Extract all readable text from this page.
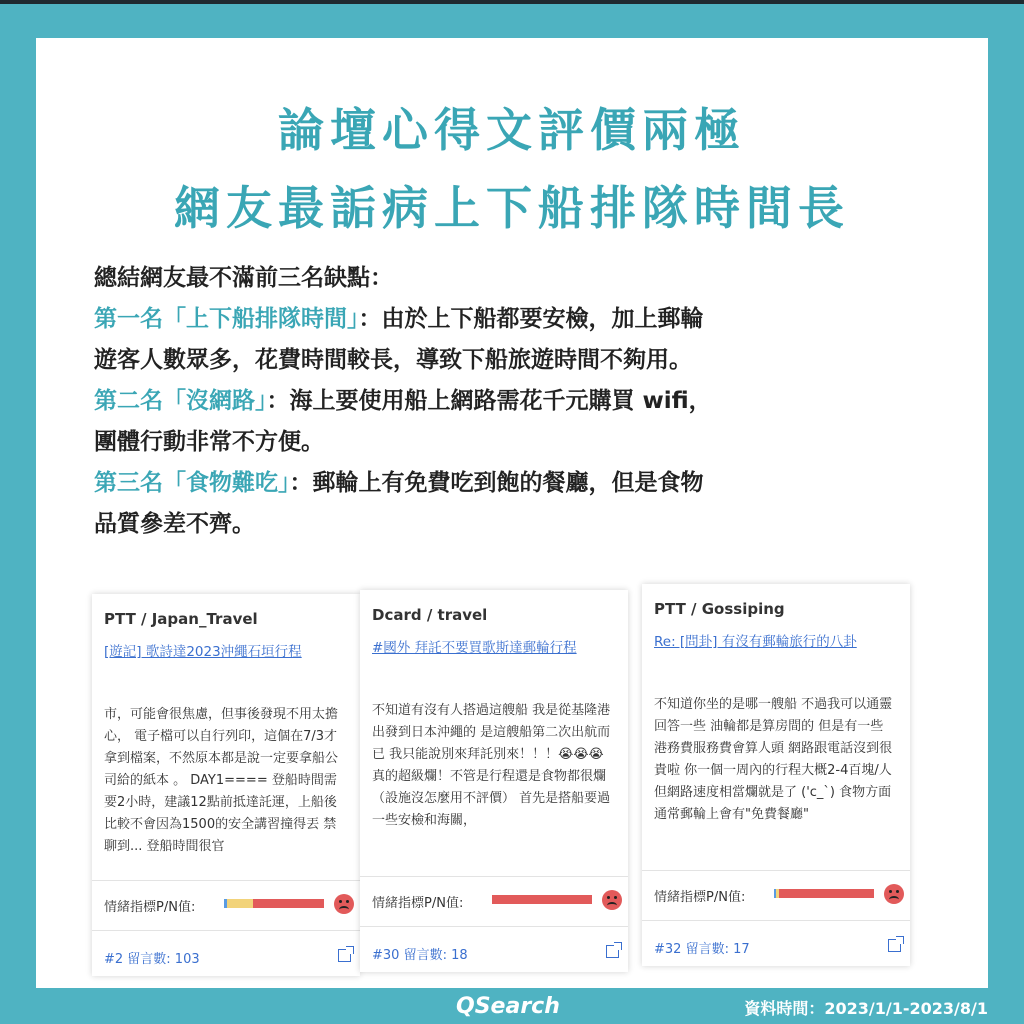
論壇心得文評價兩極
網友最詬病上下船排隊時間長
總結網友最不滿前三名缺點：
第一名「上下船排隊時間」：由於上下船都要安檢，加上郵輪
遊客人數眾多，花費時間較長，導致下船旅遊時間不夠用。
第二名「沒網路」：海上要使用船上網路需花千元購買 wifi，
團體行動非常不方便。
第三名「食物難吃」：郵輪上有免費吃到飽的餐廳，但是食物
品質參差不齊。
PTT / Japan_Travel
[遊記] 歌詩達2023沖繩石垣行程
市，可能會很焦慮，但事後發現不用太擔心， 電子檔可以自行列印，這個在7/3才拿到檔案，不然原本都是說一定要拿船公司給的紙本 。 DAY1==== 登船時間需要2小時，建議12點前抵達託運，上船後比較不會因為1500的安全講習撞得丟 禁聊到... 登船時間很官
情緒指標P/N值:
#2 留言數: 103
Dcard / travel
#國外 拜託不要買歌斯達郵輪行程
不知道有沒有人搭過這艘船 我是從基隆港出發到日本沖繩的 是這艘船第二次出航而已 我只能說別來拜託別來！！！😭😭😭 真的超級爛！不管是行程還是食物都很爛（設施沒怎麼用不評價） 首先是搭船要過一些安檢和海關，
情緒指標P/N值:
#30 留言數: 18
PTT / Gossiping
Re: [問卦] 有沒有郵輪旅行的八卦
不知道你坐的是哪一艘船 不過我可以通靈回答一些 油輪都是算房間的 但是有一些港務費服務費會算人頭 網路跟電話沒到很貴啦 你一個一周內的行程大概2-4百塊/人 但網路速度相當爛就是了 ('c_`) 食物方面 通常郵輪上會有"免費餐廳"
情緒指標P/N值:
#32 留言數: 17
QSearch	資料時間：2023/1/1-2023/8/1
